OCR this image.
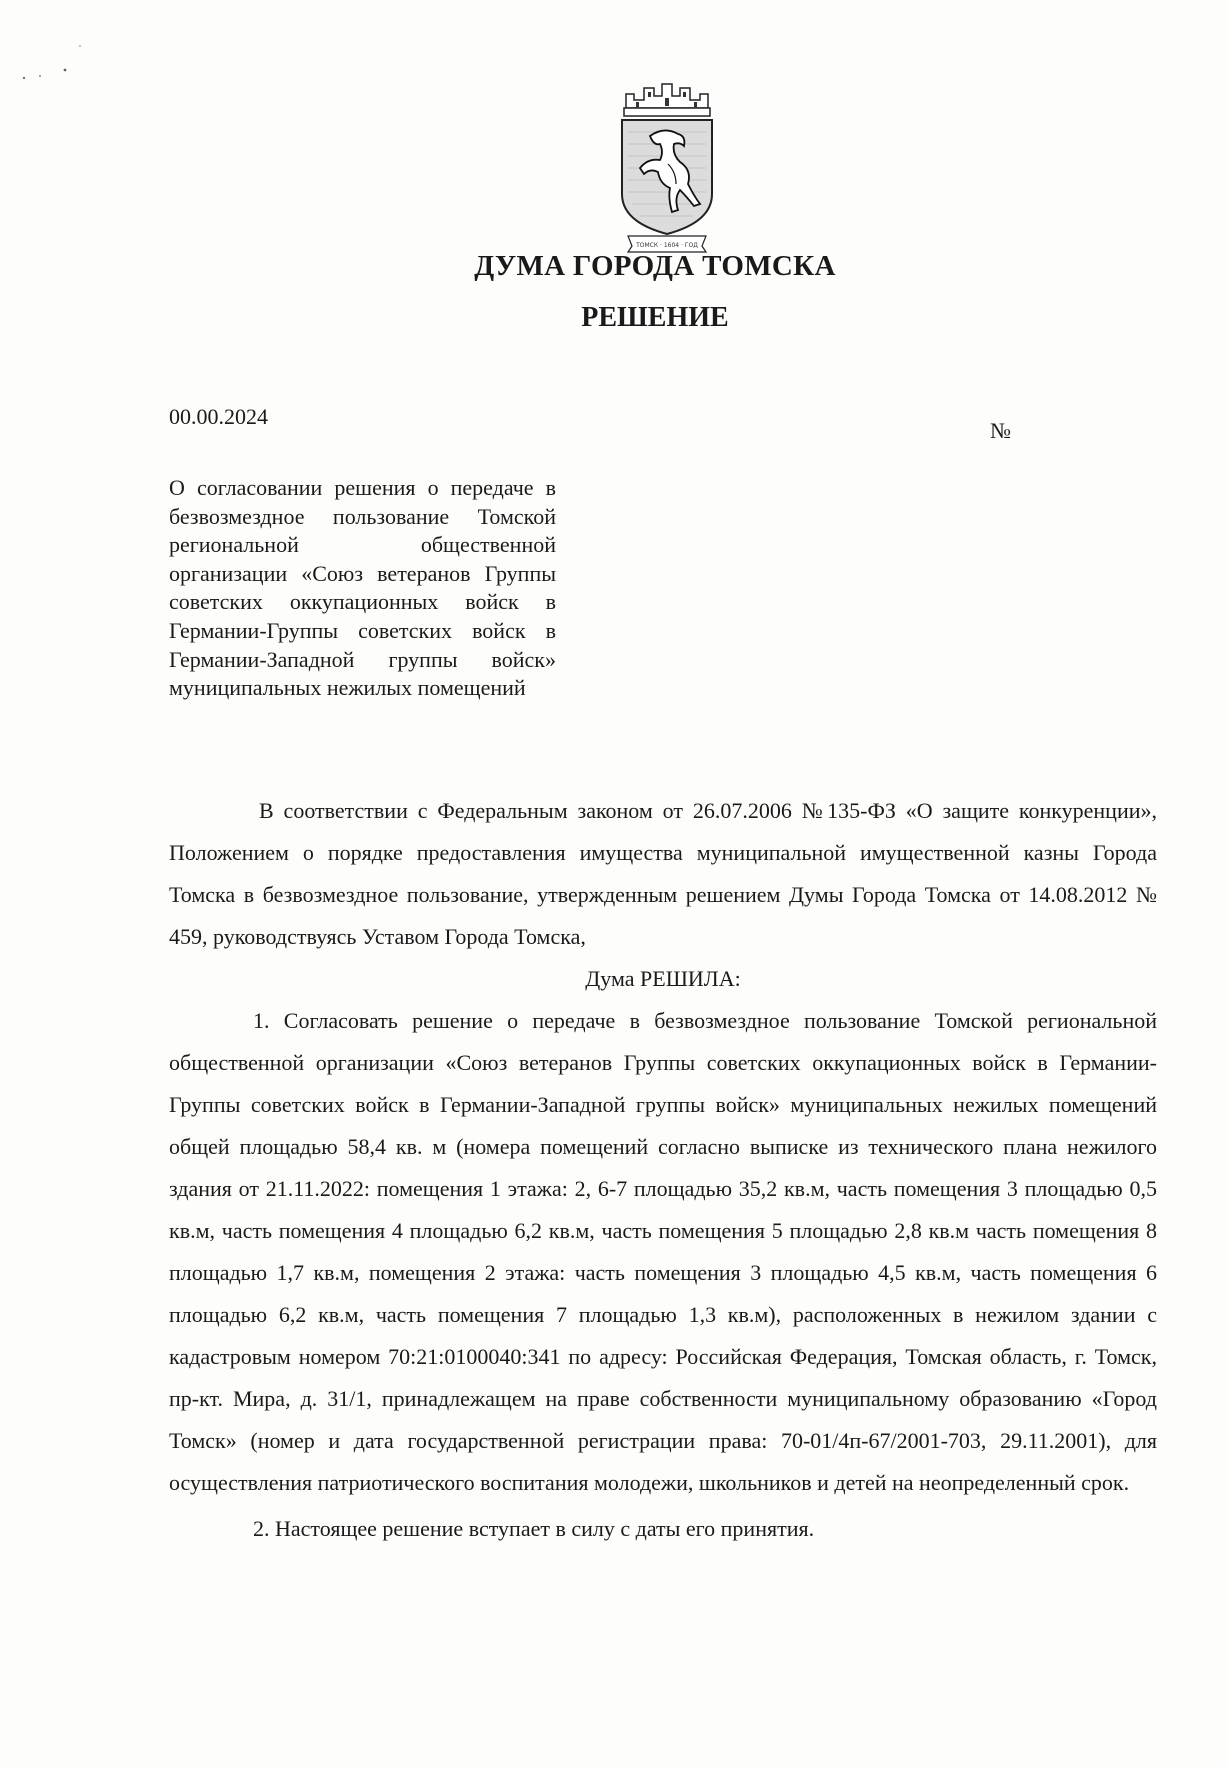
ТОМСК · 1604 · ГОД
ДУМА ГОРОДА ТОМСКА
РЕШЕНИЕ
00.00.2024
№

О согласовании решения о передаче в безвозмездное пользование Томской региональной общественной организации «Союз ветеранов Группы советских оккупационных войск в Германии-Группы советских войск в Германии-Западной группы войск» муниципальных нежилых помещений

В соответствии с Федеральным законом от 26.07.2006 №135-ФЗ «О защите конкуренции», Положением о порядке предоставления имущества муниципальной имущественной казны Города Томска в безвозмездное пользование, утвержденным решением Думы Города Томска от 14.08.2012 № 459, руководствуясь Уставом Города Томска,

Дума РЕШИЛА:

1. Согласовать решение о передаче в безвозмездное пользование Томской региональной общественной организации «Союз ветеранов Группы советских оккупационных войск в Германии-Группы советских войск в Германии-Западной группы войск» муниципальных нежилых помещений общей площадью 58,4 кв. м (номера помещений согласно выписке из технического плана нежилого здания от 21.11.2022: помещения 1 этажа: 2, 6-7 площадью 35,2 кв.м, часть помещения 3 площадью 0,5 кв.м, часть помещения 4 площадью 6,2 кв.м, часть помещения 5 площадью 2,8 кв.м часть помещения 8 площадью 1,7 кв.м, помещения 2 этажа: часть помещения 3 площадью 4,5 кв.м, часть помещения 6 площадью 6,2 кв.м, часть помещения 7 площадью 1,3 кв.м), расположенных в нежилом здании с кадастровым номером 70:21:0100040:341 по адресу: Российская Федерация, Томская область, г. Томск, пр-кт. Мира, д. 31/1, принадлежащем на праве собственности муниципальному образованию «Город Томск» (номер и дата государственной регистрации права: 70-01/4п-67/2001-703, 29.11.2001), для осуществления патриотического воспитания молодежи, школьников и детей на неопределенный срок.

2. Настоящее решение вступает в силу с даты его принятия.
